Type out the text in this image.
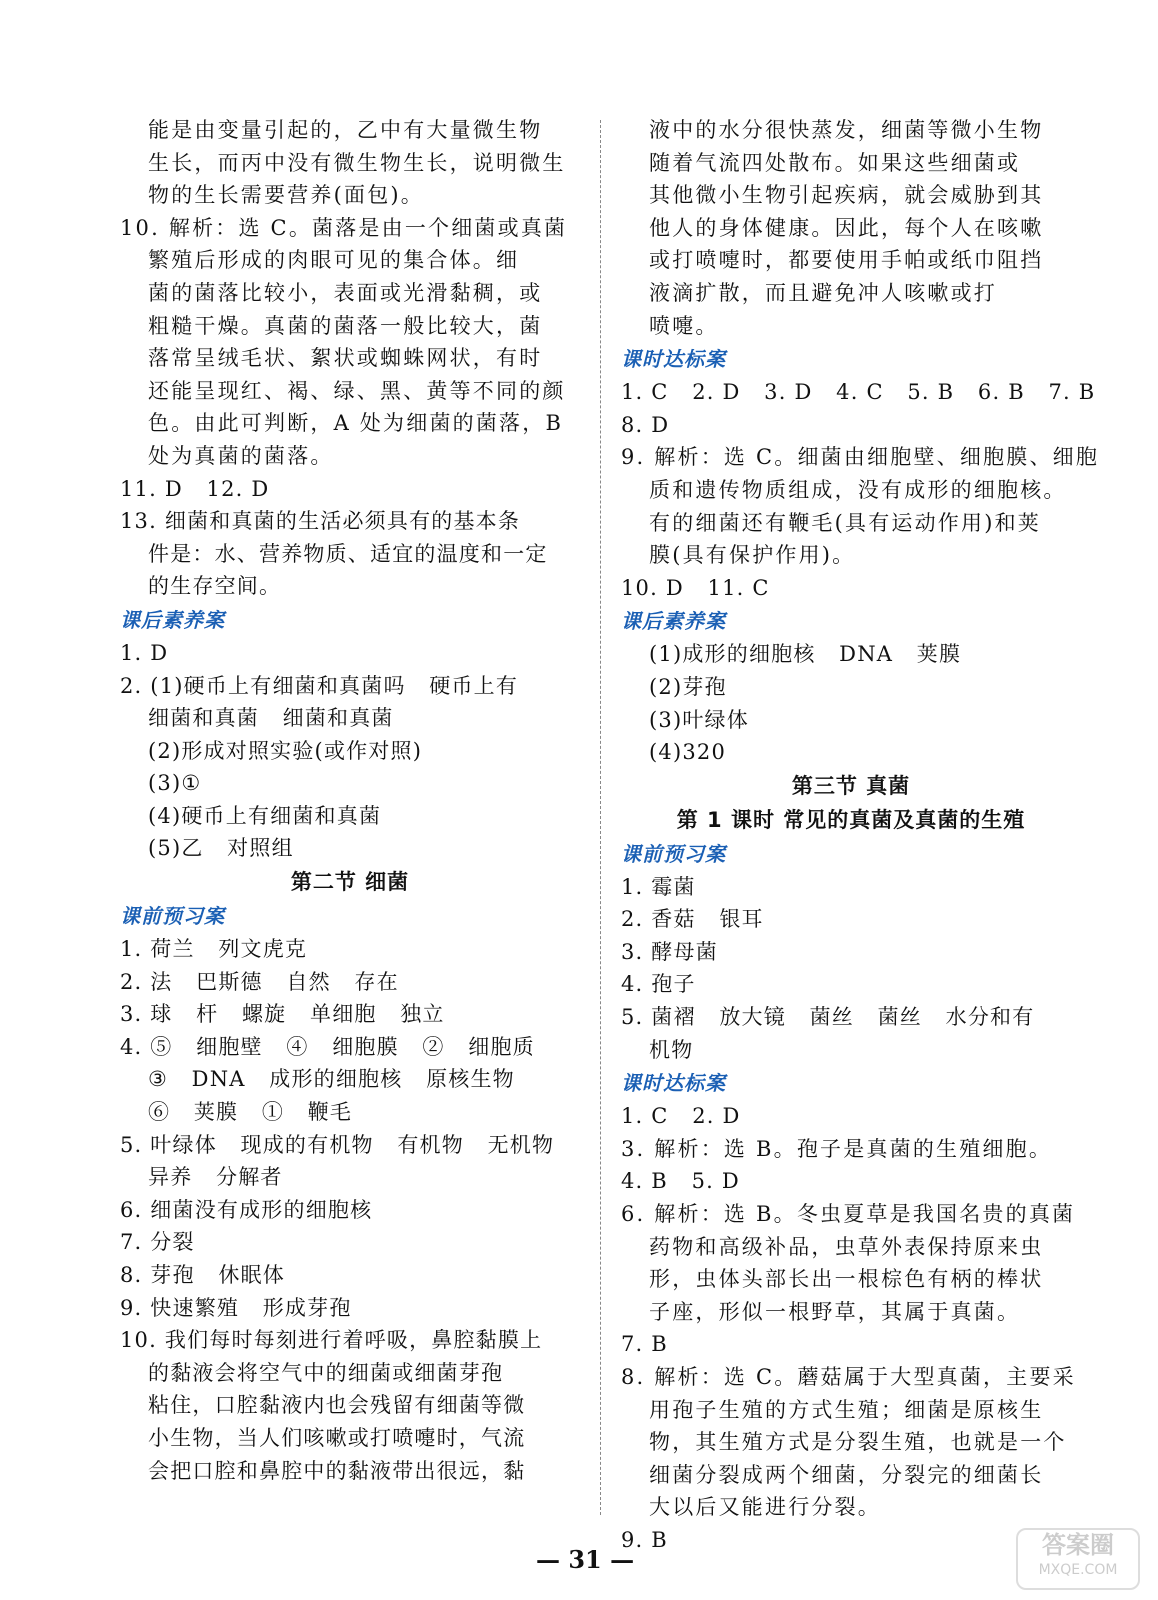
能是由变量引起的，乙中有大量微生物
生长，而丙中没有微生物生长，说明微生
物的生长需要营养(面包)。
10. 解析：选 C。菌落是由一个细菌或真菌
繁殖后形成的肉眼可见的集合体。细
菌的菌落比较小，表面或光滑黏稠，或
粗糙干燥。真菌的菌落一般比较大，菌
落常呈绒毛状、絮状或蜘蛛网状，有时
还能呈现红、褐、绿、黑、黄等不同的颜
色。由此可判断，A 处为细菌的菌落，B
处为真菌的菌落。
11. D   12. D
13. 细菌和真菌的生活必须具有的基本条
件是：水、营养物质、适宜的温度和一定
的生存空间。
课后素养案
1. D
2. (1)硬币上有细菌和真菌吗   硬币上有
细菌和真菌   细菌和真菌
(2)形成对照实验(或作对照)
(3)①
(4)硬币上有细菌和真菌
(5)乙   对照组
第二节 细菌
课前预习案
1. 荷兰   列文虎克
2. 法   巴斯德   自然   存在
3. 球   杆   螺旋   单细胞   独立
4. ⑤   细胞壁   ④   细胞膜   ②   细胞质
③   DNA   成形的细胞核   原核生物
⑥   荚膜   ①   鞭毛
5. 叶绿体   现成的有机物   有机物   无机物
异养   分解者
6. 细菌没有成形的细胞核
7. 分裂
8. 芽孢   休眠体
9. 快速繁殖   形成芽孢
10. 我们每时每刻进行着呼吸，鼻腔黏膜上
的黏液会将空气中的细菌或细菌芽孢
粘住，口腔黏液内也会残留有细菌等微
小生物，当人们咳嗽或打喷嚏时，气流
会把口腔和鼻腔中的黏液带出很远，黏
液中的水分很快蒸发，细菌等微小生物
随着气流四处散布。如果这些细菌或
其他微小生物引起疾病，就会威胁到其
他人的身体健康。因此，每个人在咳嗽
或打喷嚏时，都要使用手帕或纸巾阻挡
液滴扩散，而且避免冲人咳嗽或打
喷嚏。
课时达标案
1. C   2. D   3. D   4. C   5. B   6. B   7. B
8. D
9. 解析：选 C。细菌由细胞壁、细胞膜、细胞
质和遗传物质组成，没有成形的细胞核。
有的细菌还有鞭毛(具有运动作用)和荚
膜(具有保护作用)。
10. D   11. C
课后素养案
(1)成形的细胞核   DNA   荚膜
(2)芽孢
(3)叶绿体
(4)320
第三节 真菌
第 1 课时 常见的真菌及真菌的生殖
课前预习案
1. 霉菌
2. 香菇   银耳
3. 酵母菌
4. 孢子
5. 菌褶   放大镜   菌丝   菌丝   水分和有
机物
课时达标案
1. C   2. D
3. 解析：选 B。孢子是真菌的生殖细胞。
4. B   5. D
6. 解析：选 B。冬虫夏草是我国名贵的真菌
药物和高级补品，虫草外表保持原来虫
形，虫体头部长出一根棕色有柄的棒状
子座，形似一根野草，其属于真菌。
7. B
8. 解析：选 C。蘑菇属于大型真菌，主要采
用孢子生殖的方式生殖；细菌是原核生
物，其生殖方式是分裂生殖，也就是一个
细菌分裂成两个细菌，分裂完的细菌长
大以后又能进行分裂。
9. B
— 31 —	答案圈
MXQE.COM
